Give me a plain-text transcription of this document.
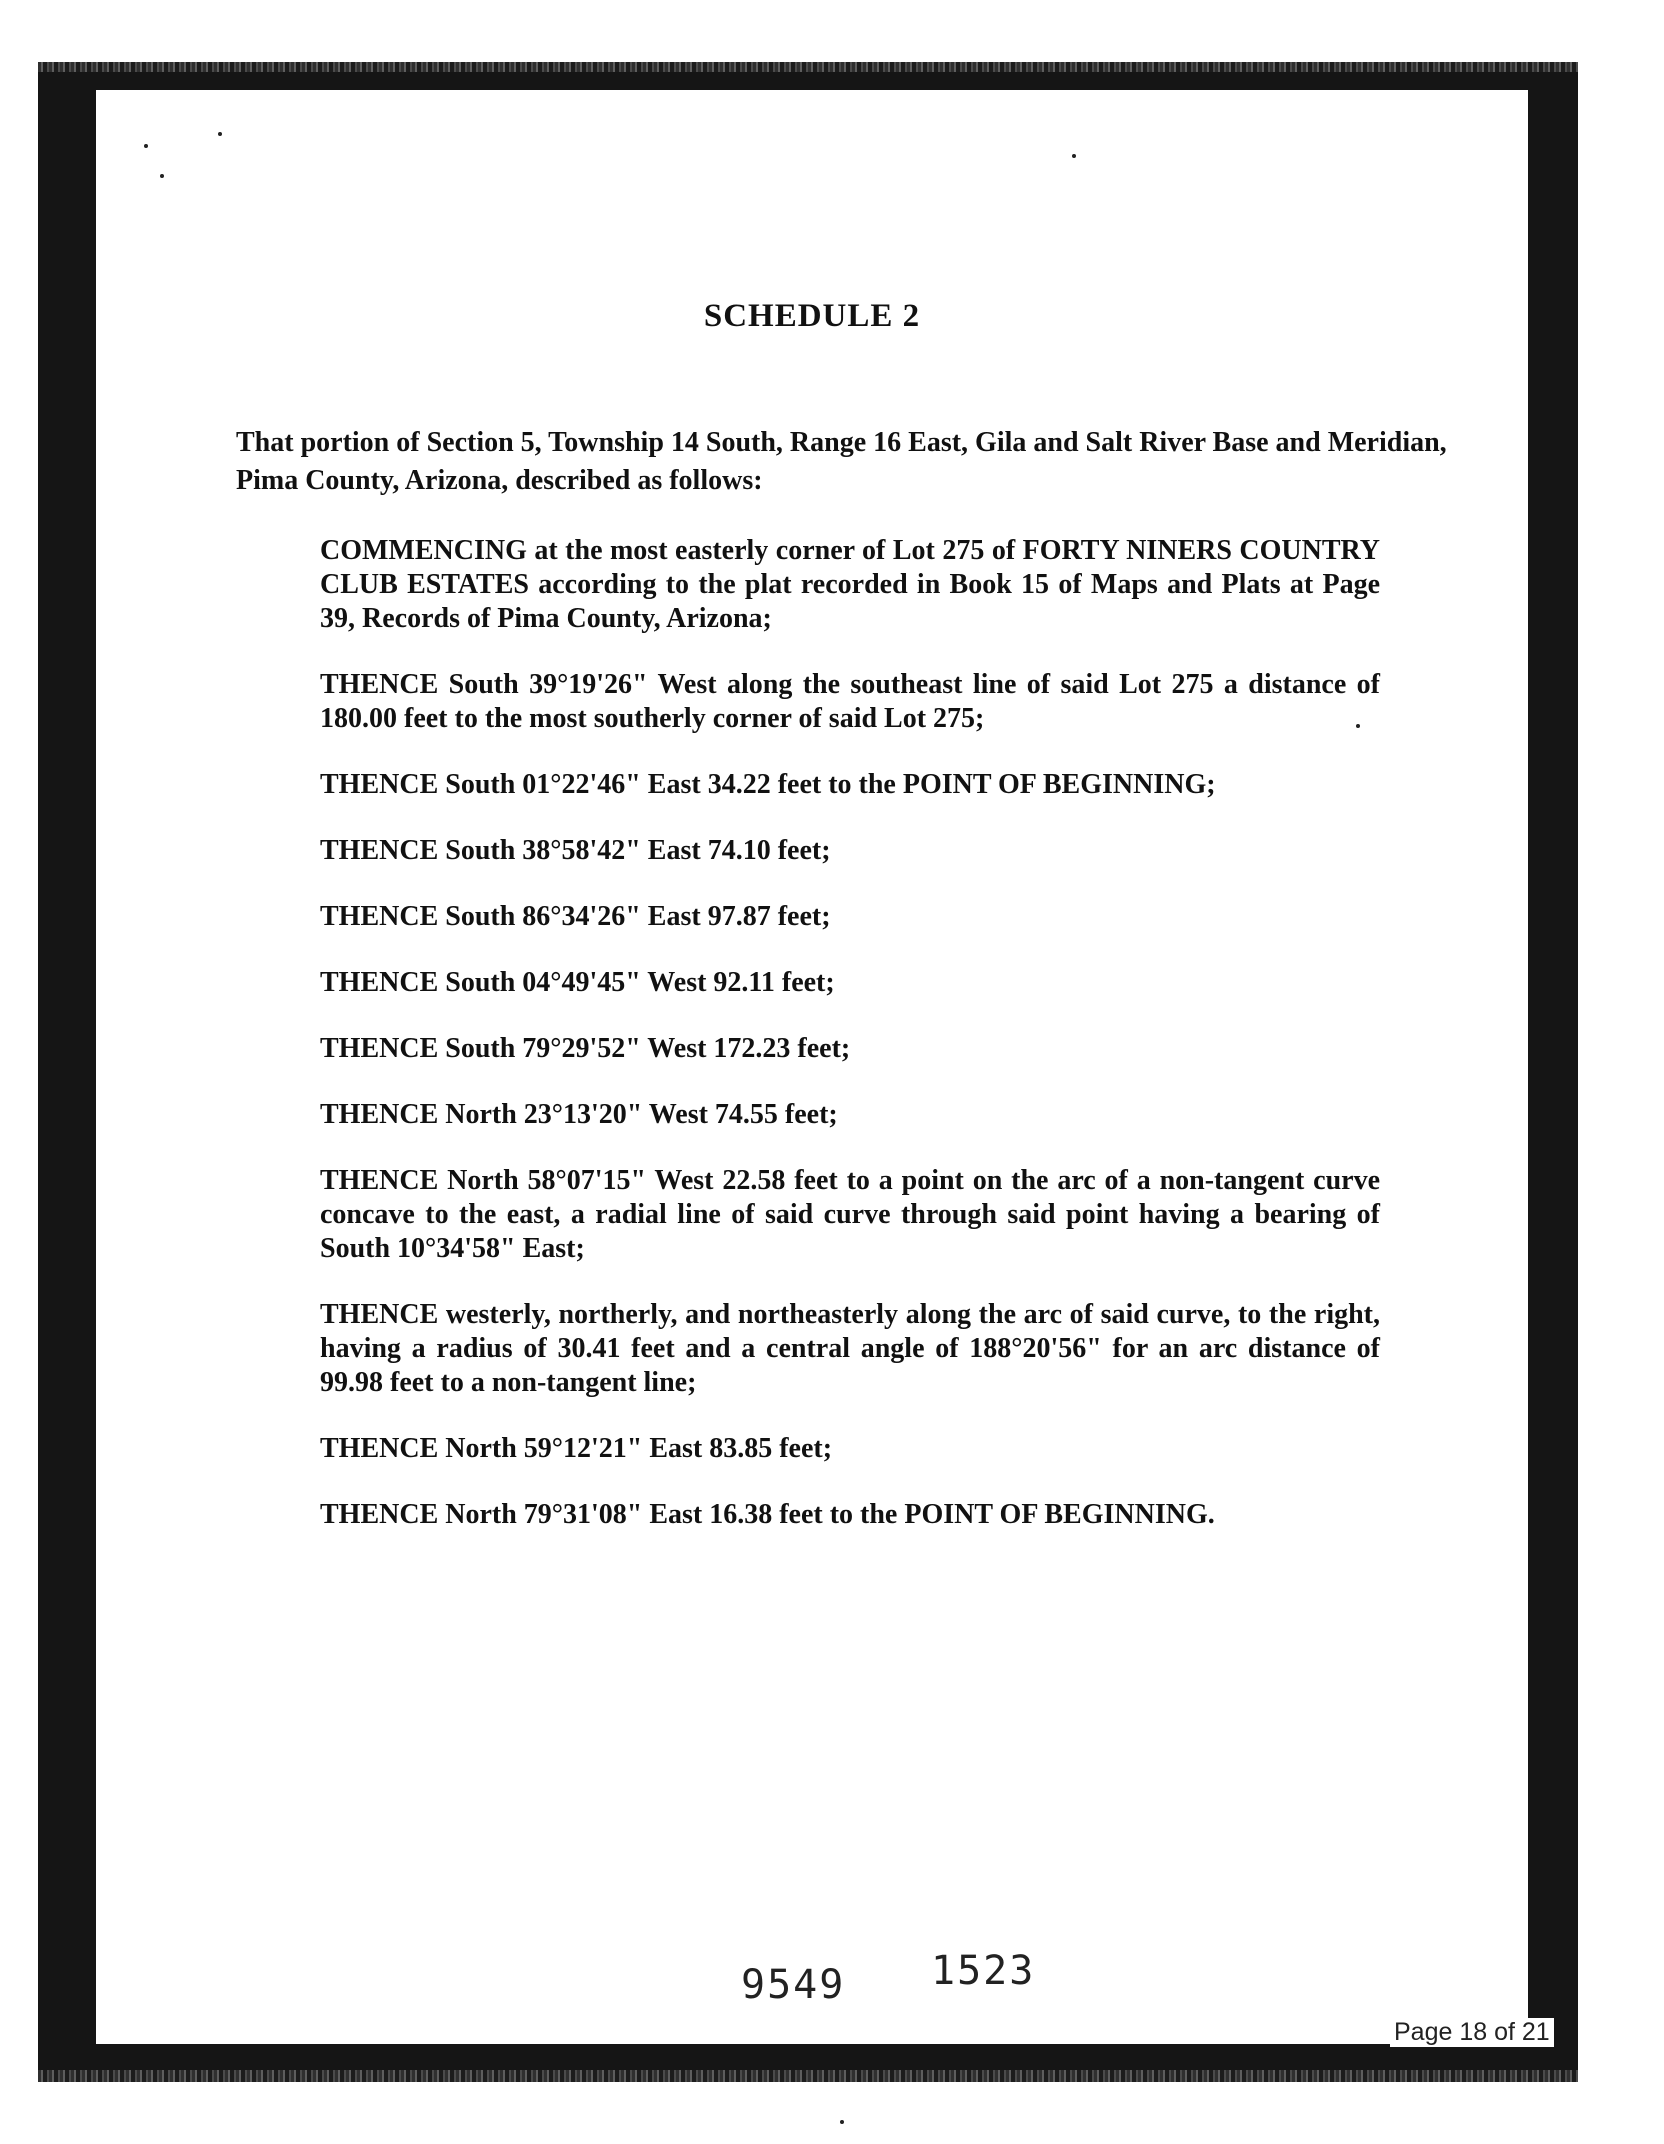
SCHEDULE 2
That portion of Section 5, Township 14 South, Range 16 East, Gila and Salt River Base and Meridian, Pima County, Arizona, described as follows:

COMMENCING at the most easterly corner of Lot 275 of FORTY NINERS COUNTRY CLUB ESTATES according to the plat recorded in Book 15 of Maps and Plats at Page 39, Records of Pima County, Arizona;

THENCE South 39°19'26" West along the southeast line of said Lot 275 a distance of 180.00 feet to the most southerly corner of said Lot 275;

THENCE South 01°22'46" East 34.22 feet to the POINT OF BEGINNING;

THENCE South 38°58'42" East 74.10 feet;

THENCE South 86°34'26" East 97.87 feet;

THENCE South 04°49'45" West 92.11 feet;

THENCE South 79°29'52" West 172.23 feet;

THENCE North 23°13'20" West 74.55 feet;

THENCE North 58°07'15" West 22.58 feet to a point on the arc of a non-tangent curve concave to the east, a radial line of said curve through said point having a bearing of South 10°34'58" East;

THENCE westerly, northerly, and northeasterly along the arc of said curve, to the right, having a radius of 30.41 feet and a central angle of 188°20'56" for an arc distance of 99.98 feet to a non-tangent line;

THENCE North 59°12'21" East 83.85 feet;

THENCE North 79°31'08" East 16.38 feet to the POINT OF BEGINNING.

9549 1523
Page 18 of 21
